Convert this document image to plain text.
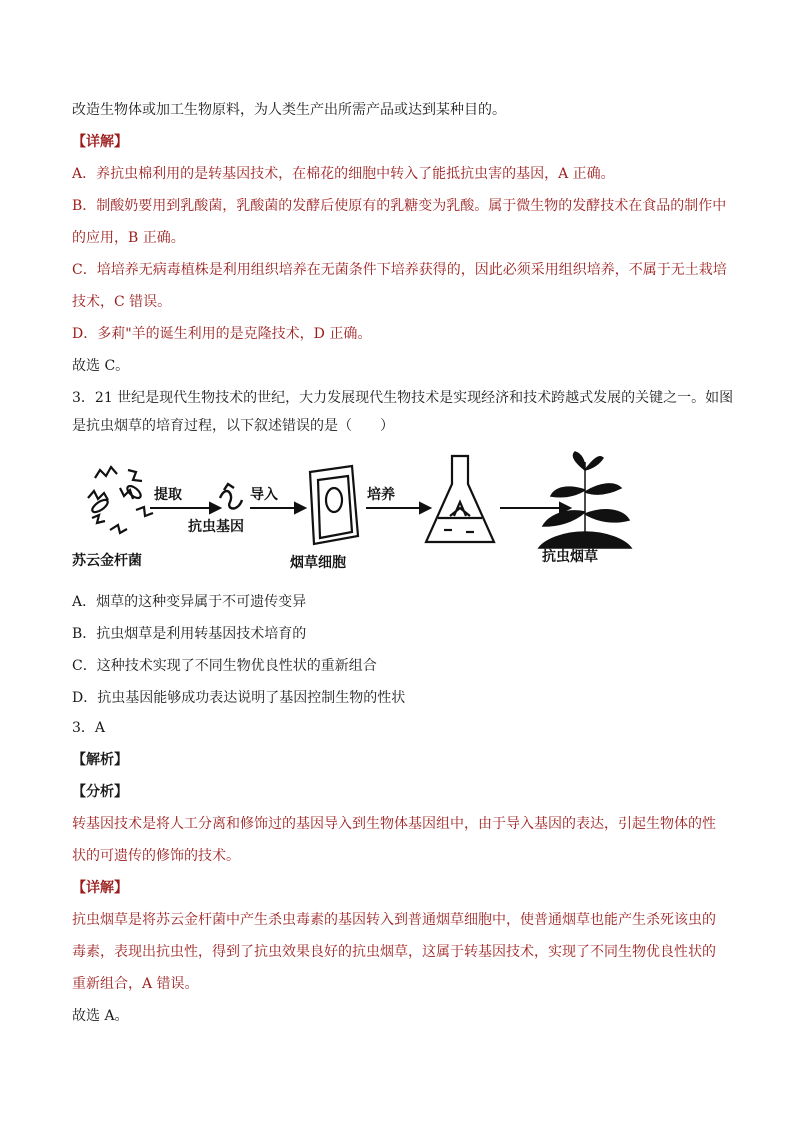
改造生物体或加工生物原料，为人类生产出所需产品或达到某种目的。
【详解】
A．养抗虫棉利用的是转基因技术，在棉花的细胞中转入了能抵抗虫害的基因，A 正确。
B．制酸奶要用到乳酸菌，乳酸菌的发酵后使原有的乳糖变为乳酸。属于微生物的发酵技术在食品的制作中
的应用，B 正确。
C．培培养无病毒植株是利用组织培养在无菌条件下培养获得的，因此必须采用组织培养，不属于无土栽培
技术，C 错误。
D．多莉"羊的诞生利用的是克隆技术，D 正确。
故选 C。
3．21 世纪是现代生物技术的世纪，大力发展现代生物技术是实现经济和技术跨越式发展的关键之一。如图
是抗虫烟草的培育过程，以下叙述错误的是（　　）
提取
抗虫基因
导入	培养
苏云金杆菌	烟草细胞	抗虫烟草
A．烟草的这种变异属于不可遗传变异
B．抗虫烟草是利用转基因技术培育的
C．这种技术实现了不同生物优良性状的重新组合
D．抗虫基因能够成功表达说明了基因控制生物的性状
3．A
【解析】
【分析】
转基因技术是将人工分离和修饰过的基因导入到生物体基因组中，由于导入基因的表达，引起生物体的性
状的可遗传的修饰的技术。
【详解】
抗虫烟草是将苏云金杆菌中产生杀虫毒素的基因转入到普通烟草细胞中，使普通烟草也能产生杀死该虫的
毒素，表现出抗虫性，得到了抗虫效果良好的抗虫烟草，这属于转基因技术，实现了不同生物优良性状的
重新组合，A 错误。
故选 A。
